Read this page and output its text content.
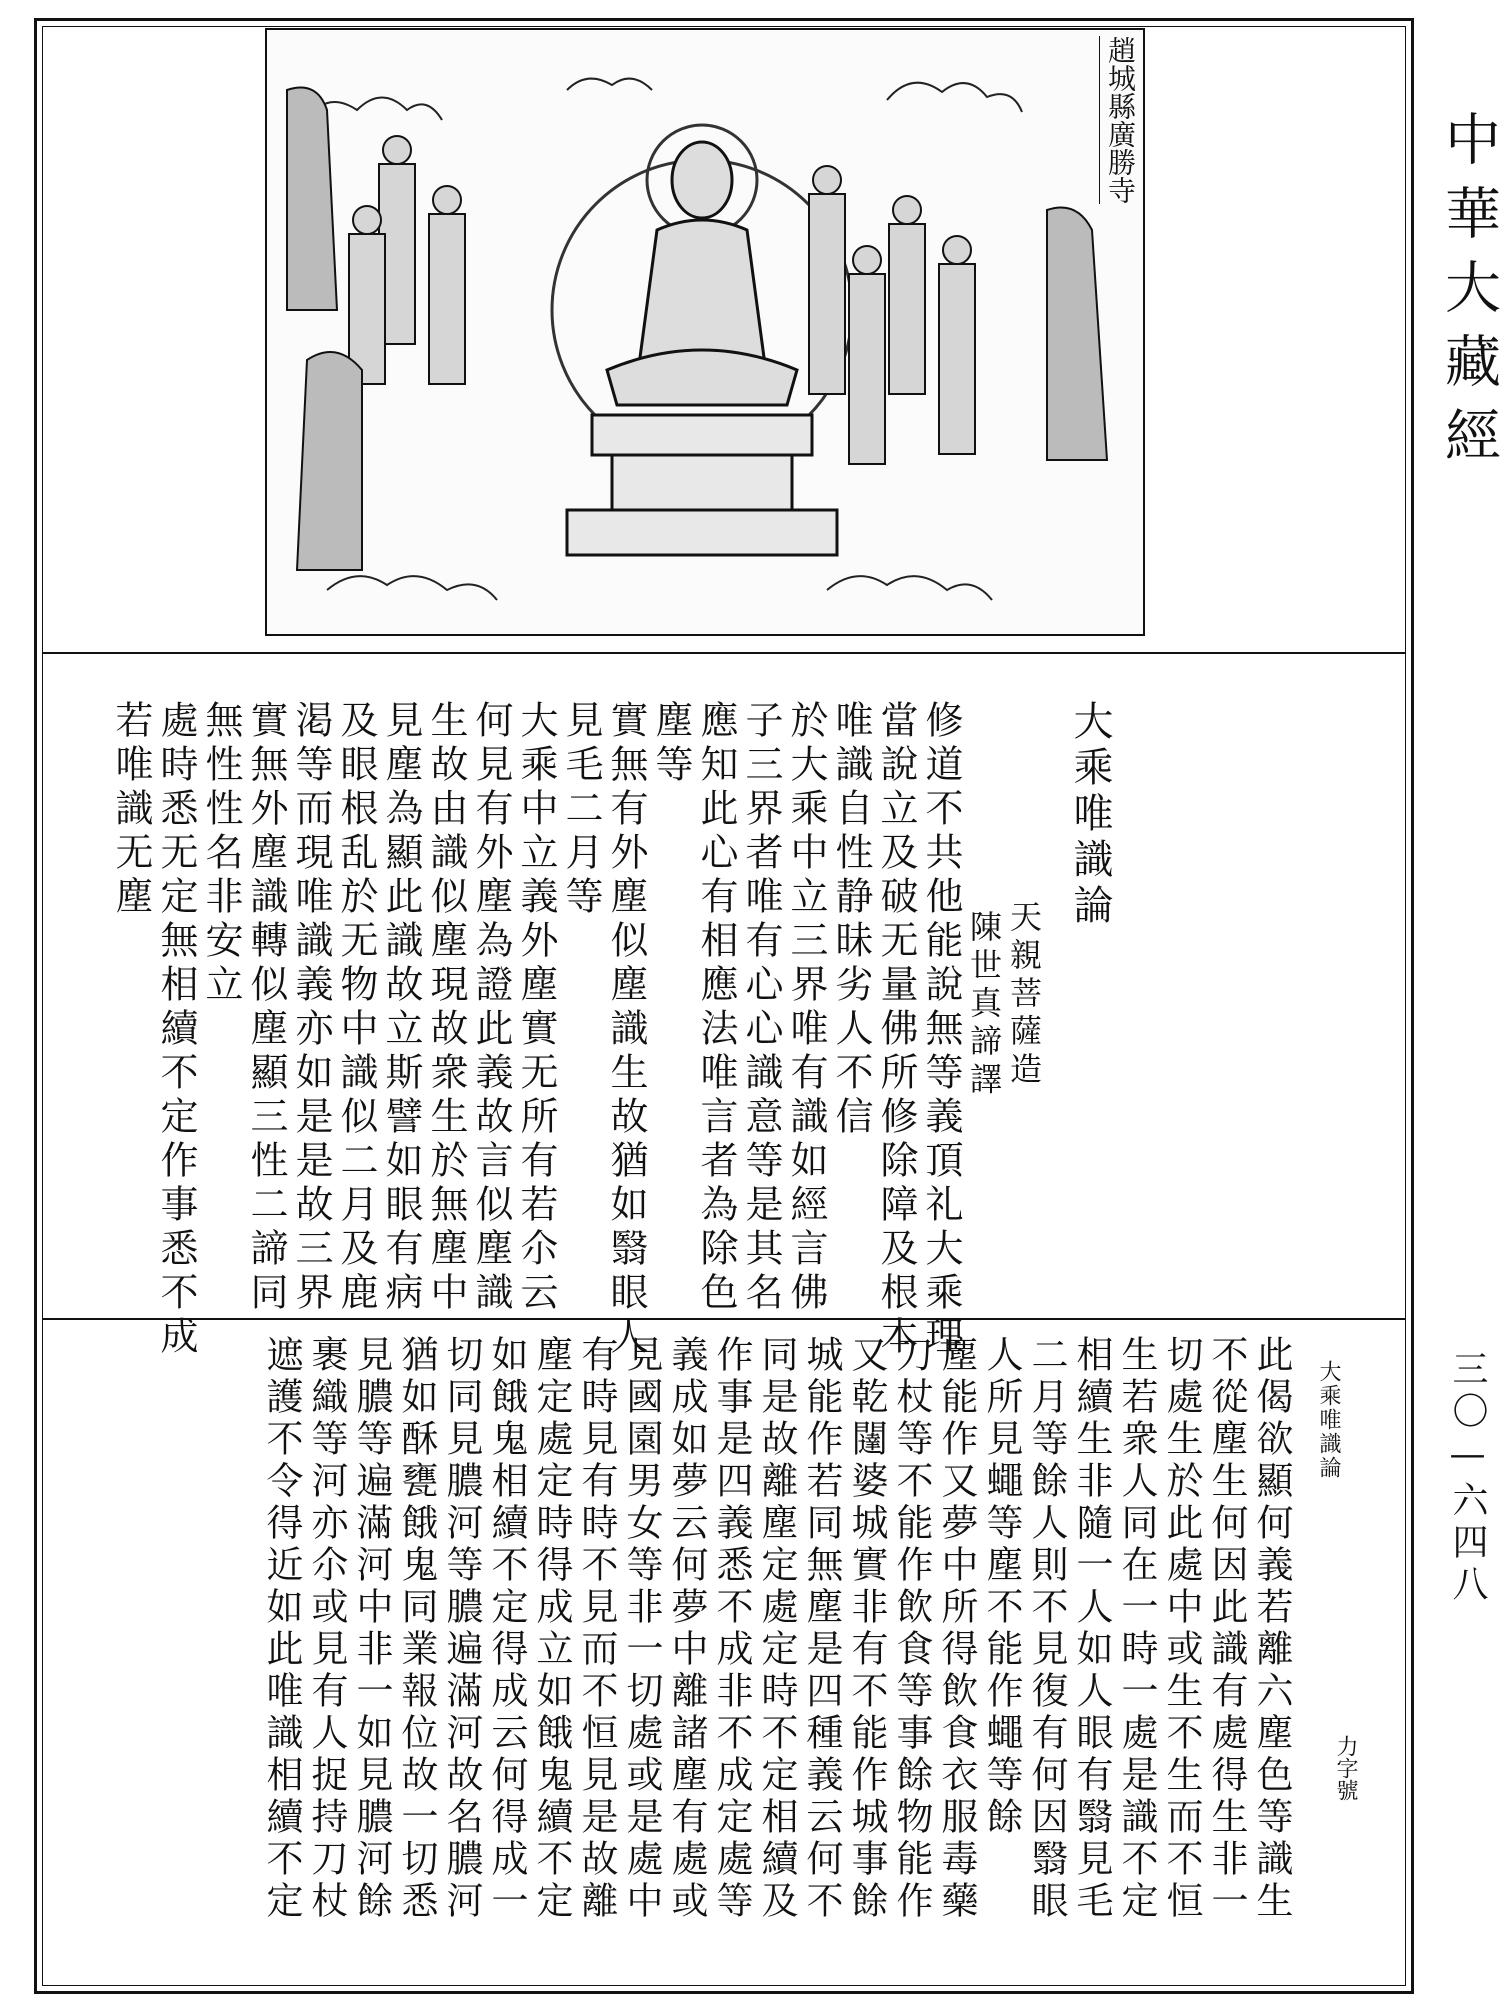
中華大藏經
三〇—六四八
趙城縣廣勝寺
大乘唯識論
天親菩薩造
陳世真諦譯
修道不共他能說無等義頂礼大乘理
當說立及破无量佛所修除障及根本
唯識自性静昧劣人不信
於大乘中立三界唯有識如經言佛
子三界者唯有心心識意等是其名
應知此心有相應法唯言者為除色
塵等
實無有外塵似塵識生故猶如翳眼人
見毛二月等
大乘中立義外塵實无所有若尒云
何見有外塵為證此義故言似塵識
生故由識似塵現故衆生於無塵中
見塵為顯此識故立斯譬如眼有病
及眼根乱於无物中識似二月及鹿
渇等而現唯識義亦如是是故三界
實無外塵識轉似塵顯三性二諦同
無性性名非安立
處時悉无定無相續不定作事悉不成
若唯識无塵
大乘唯識論
力字號
此偈欲顯何義若離六塵色等識生
不從塵生何因此識有處得生非一
切處生於此處中或生不生而不恒
生若衆人同在一時一處是識不定
相續生非隨一人如人眼有翳見毛
二月等餘人則不見復有何因翳眼
人所見蠅等塵不能作蠅等餘
塵能作又夢中所得飲食衣服毒藥
刀杖等不能作飲食等事餘物能作
又乾闥婆城實非有不能作城事餘
城能作若同無塵是四種義云何不
同是故離塵定處定時不定相續及
作事是四義悉不成非不成定處等
義成如夢云何夢中離諸塵有處或
見國園男女等非一切處或是處中
有時見有時不見而不恒見是故離
塵定處定時得成立如餓鬼續不定
如餓鬼相續不定得成云何得成一
切同見膿河等膿遍滿河故名膿河
猶如酥甕餓鬼同業報位故一切悉
見膿等遍滿河中非一如見膿河餘
裹織等河亦尒或見有人捉持刀杖
遮護不令得近如此唯識相續不定
